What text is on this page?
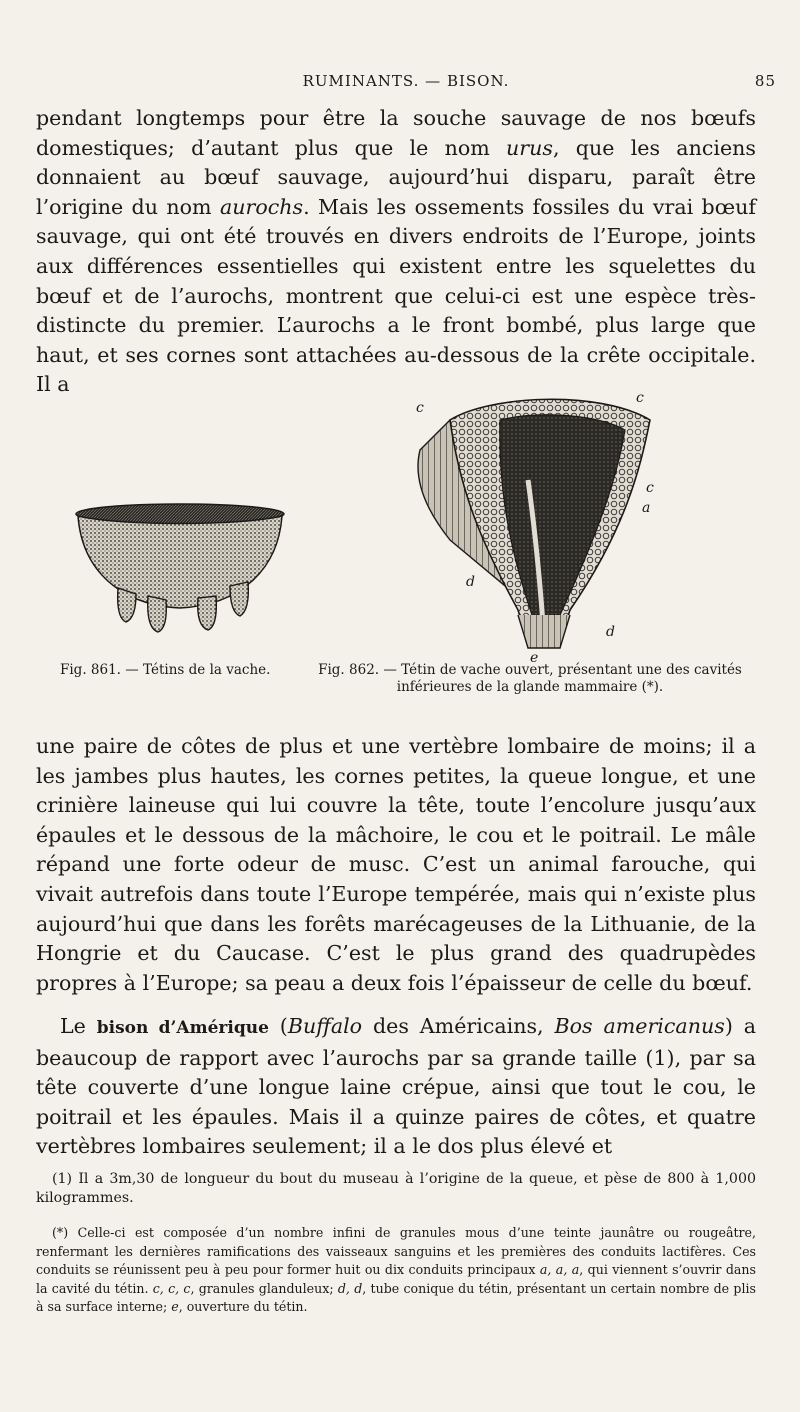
RUMINANTS. — BISON.	85

pendant longtemps pour être la souche sauvage de nos bœufs domestiques; d’autant plus que le nom urus, que les anciens donnaient au bœuf sauvage, aujourd’hui disparu, paraît être l’origine du nom aurochs. Mais les ossements fossiles du vrai bœuf sauvage, qui ont été trouvés en divers endroits de l’Europe, joints aux différences essentielles qui existent entre les squelettes du bœuf et de l’aurochs, montrent que celui-ci est une espèce très-distincte du premier. L’aurochs a le front bombé, plus large que haut, et ses cornes sont attachées au-dessous de la crête occipitale. Il a

c
c
c
a
d
d
e
Fig. 861. — Tétins de la vache.	Fig. 862. — Tétin de vache ouvert, présentant une des cavités inférieures de la glande mammaire (*).

une paire de côtes de plus et une vertèbre lombaire de moins; il a les jambes plus hautes, les cornes petites, la queue longue, et une crinière laineuse qui lui couvre la tête, toute l’encolure jusqu’aux épaules et le dessous de la mâchoire, le cou et le poitrail. Le mâle répand une forte odeur de musc. C’est un animal farouche, qui vivait autrefois dans toute l’Europe tempérée, mais qui n’existe plus aujourd’hui que dans les forêts marécageuses de la Lithuanie, de la Hongrie et du Caucase. C’est le plus grand des quadrupèdes propres à l’Europe; sa peau a deux fois l’épaisseur de celle du bœuf.

Le bison d’Amérique (Buffalo des Américains, Bos americanus) a beaucoup de rapport avec l’aurochs par sa grande taille (1), par sa tête couverte d’une longue laine crépue, ainsi que tout le cou, le poitrail et les épaules. Mais il a quinze paires de côtes, et quatre vertèbres lombaires seulement; il a le dos plus élevé et

(1) Il a 3m,30 de longueur du bout du museau à l’origine de la queue, et pèse de 800 à 1,000 kilogrammes.

(*) Celle-ci est composée d’un nombre infini de granules mous d’une teinte jaunâtre ou rougeâtre, renfermant les dernières ramifications des vaisseaux sanguins et les premières des conduits lactifères. Ces conduits se réunissent peu à peu pour former huit ou dix conduits principaux a, a, a, qui viennent s’ouvrir dans la cavité du tétin. c, c, c, granules glanduleux; d, d, tube conique du tétin, présentant un certain nombre de plis à sa surface interne; e, ouverture du tétin.
